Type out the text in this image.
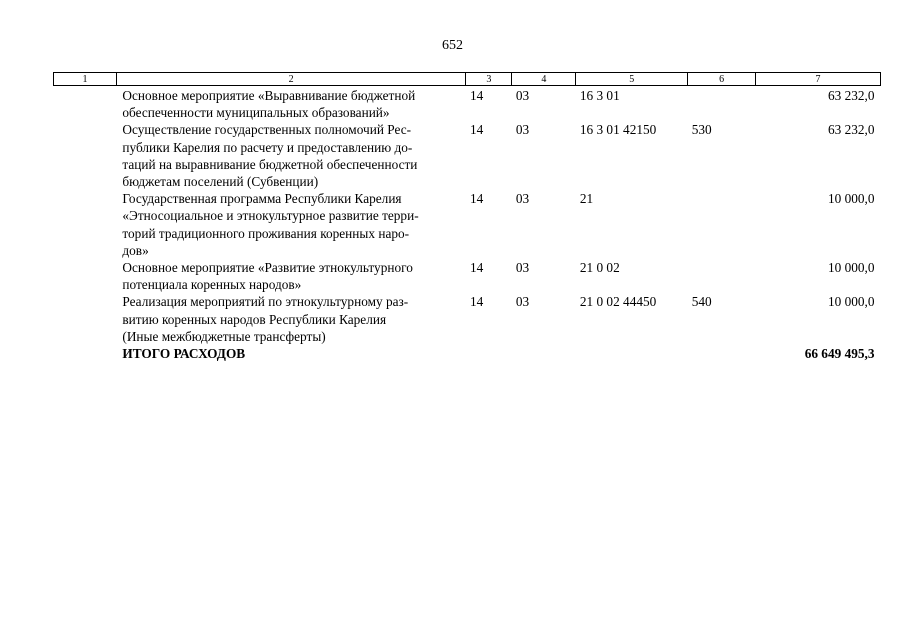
652
1	2	3	4	5	6	7

	Основное мероприятие «Выравнивание бюджетной
обеспеченности муниципальных образований»	14	03	16 3 01		63 232,0

	Осуществление государственных полномочий Рес-
публики Карелия по расчету и предоставлению до-
таций на выравнивание бюджетной обеспеченности
бюджетам поселений (Субвенции)	14	03	16 3 01 42150	530	63 232,0

	Государственная программа Республики Карелия
«Этносоциальное и этнокультурное развитие терри-
торий традиционного проживания коренных наро-
дов»	14	03	21		10 000,0

	Основное мероприятие «Развитие этнокультурного
потенциала коренных народов»	14	03	21 0 02		10 000,0

	Реализация мероприятий по этнокультурному раз-
витию коренных народов Республики Карелия
(Иные межбюджетные трансферты)	14	03	21 0 02 44450	540	10 000,0
	ИТОГО РАСХОДОВ					66 649 495,3
